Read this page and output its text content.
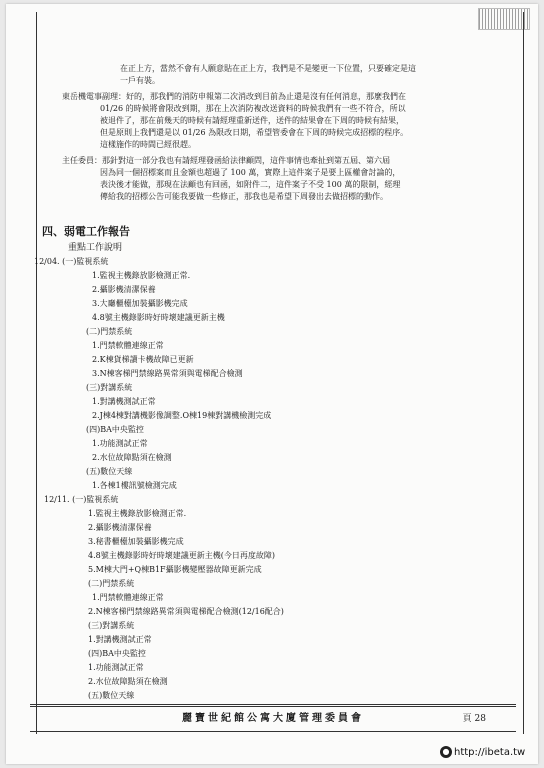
在正上方，當然不會有人願意貼在正上方，我們是不是變更一下位置，只要確定是這
一戶有裝。
東岳機電事副理：好的，那我們的消防申報第二次消改到目前為止還是沒有任何消息，那麼我們在
01/26 的時候將會限改到期，那在上次消防複改送資料的時候我們有一些不符合，所以
被退件了，那在前幾天的時候有請經理重新送件，送件的結果會在下周的時候有結果，
但是原則上我們還是以 01/26 為限改日期，希望管委會在下周的時候完成招標的程序。
這樣施作的時間已經很趕。
主任委員：那針對這一部分我也有請經理發函給法律顧問，這件事情也牽扯到第五屆、第六屆
因為同一個招標案而且金額也超過了 100 萬，實際上這件案子是要上區權會討論的，
表決後才能做，那現在法顧也有回函，如附件二，這件案子不受 100 萬的限制，經理
傳給我的招標公告可能我要做一些修正，那我也是希望下周發出去做招標的動作。
四、弱電工作報告
重點工作說明
12/04. (一)監視系統
1.監視主機錄放影檢測正常.
2.攝影機清潔保養
3.大廳櫃檯加裝攝影機完成
4.8號主機錄影時好時壞建議更新主機
(二)門禁系統
1.門禁軟體連線正常
2.K棟貨梯讀卡機故障已更新
3.N棟客梯門禁線路異常須與電梯配合檢測
(三)對講系統
1.對講機測試正常
2.J棟4棟對講機影像調整.O棟19棟對講機檢測完成
(四)BA中央監控
1.功能測試正常
2.水位故障點須在檢測
(五)數位天線
1.各棟1樓訊號檢測完成
12/11. (一)監視系統
1.監視主機錄放影檢測正常.
2.攝影機清潔保養
3.秘書櫃檯加裝攝影機完成
4.8號主機錄影時好時壞建議更新主機(今日再度故障)
5.M棟大門+Q棟B1F攝影機變壓器故障更新完成
(二)門禁系統
1.門禁軟體連線正常
2.N棟客梯門禁線路異常須與電梯配合檢測(12/16配合)
(三)對講系統
1.對講機測試正常
(四)BA中央監控
1.功能測試正常
2.水位故障點須在檢測
(五)數位天線
麗寶世紀館公寓大廈管理委員會	頁 28
● http://ibeta.tw
